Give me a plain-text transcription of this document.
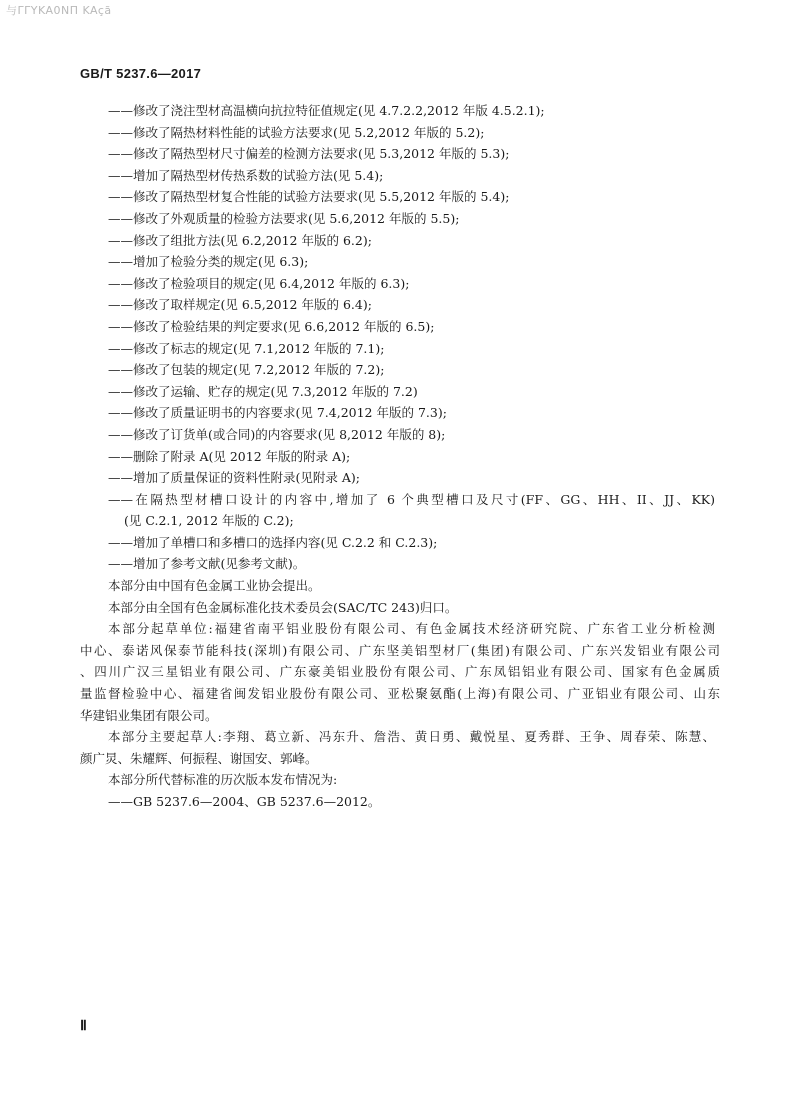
与ΓΓΥKA0NΠ KAçã
GB/T 5237.6—2017
——修改了浇注型材高温横向抗拉特征值规定(见 4.7.2.2,2012 年版 4.5.2.1);
——修改了隔热材料性能的试验方法要求(见 5.2,2012 年版的 5.2);
——修改了隔热型材尺寸偏差的检测方法要求(见 5.3,2012 年版的 5.3);
——增加了隔热型材传热系数的试验方法(见 5.4);
——修改了隔热型材复合性能的试验方法要求(见 5.5,2012 年版的 5.4);
——修改了外观质量的检验方法要求(见 5.6,2012 年版的 5.5);
——修改了组批方法(见 6.2,2012 年版的 6.2);
——增加了检验分类的规定(见 6.3);
——修改了检验项目的规定(见 6.4,2012 年版的 6.3);
——修改了取样规定(见 6.5,2012 年版的 6.4);
——修改了检验结果的判定要求(见 6.6,2012 年版的 6.5);
——修改了标志的规定(见 7.1,2012 年版的 7.1);
——修改了包装的规定(见 7.2,2012 年版的 7.2);
——修改了运输、贮存的规定(见 7.3,2012 年版的 7.2)
——修改了质量证明书的内容要求(见 7.4,2012 年版的 7.3);
——修改了订货单(或合同)的内容要求(见 8,2012 年版的 8);
——删除了附录 A(见 2012 年版的附录 A);
——增加了质量保证的资料性附录(见附录 A);
——在隔热型材槽口设计的内容中,增加了 6 个典型槽口及尺寸(FF、GG、HH、II、JJ、KK)
(见 C.2.1, 2012 年版的 C.2);
——增加了单槽口和多槽口的选择内容(见 C.2.2 和 C.2.3);
——增加了参考文献(见参考文献)。
本部分由中国有色金属工业协会提出。
本部分由全国有色金属标准化技术委员会(SAC/TC 243)归口。
本部分起草单位:福建省南平铝业股份有限公司、有色金属技术经济研究院、广东省工业分析检测
中心、泰诺风保泰节能科技(深圳)有限公司、广东坚美铝型材厂(集团)有限公司、广东兴发铝业有限公司
、四川广汉三星铝业有限公司、广东豪美铝业股份有限公司、广东凤铝铝业有限公司、国家有色金属质
量监督检验中心、福建省闽发铝业股份有限公司、亚松聚氨酯(上海)有限公司、广亚铝业有限公司、山东
华建铝业集团有限公司。
本部分主要起草人:李翔、葛立新、冯东升、詹浩、黄日勇、戴悦星、夏秀群、王争、周春荣、陈慧、
颜广炅、朱耀辉、何振程、谢国安、郭峰。
本部分所代替标准的历次版本发布情况为:
——GB 5237.6—2004、GB 5237.6—2012。
Ⅱ
